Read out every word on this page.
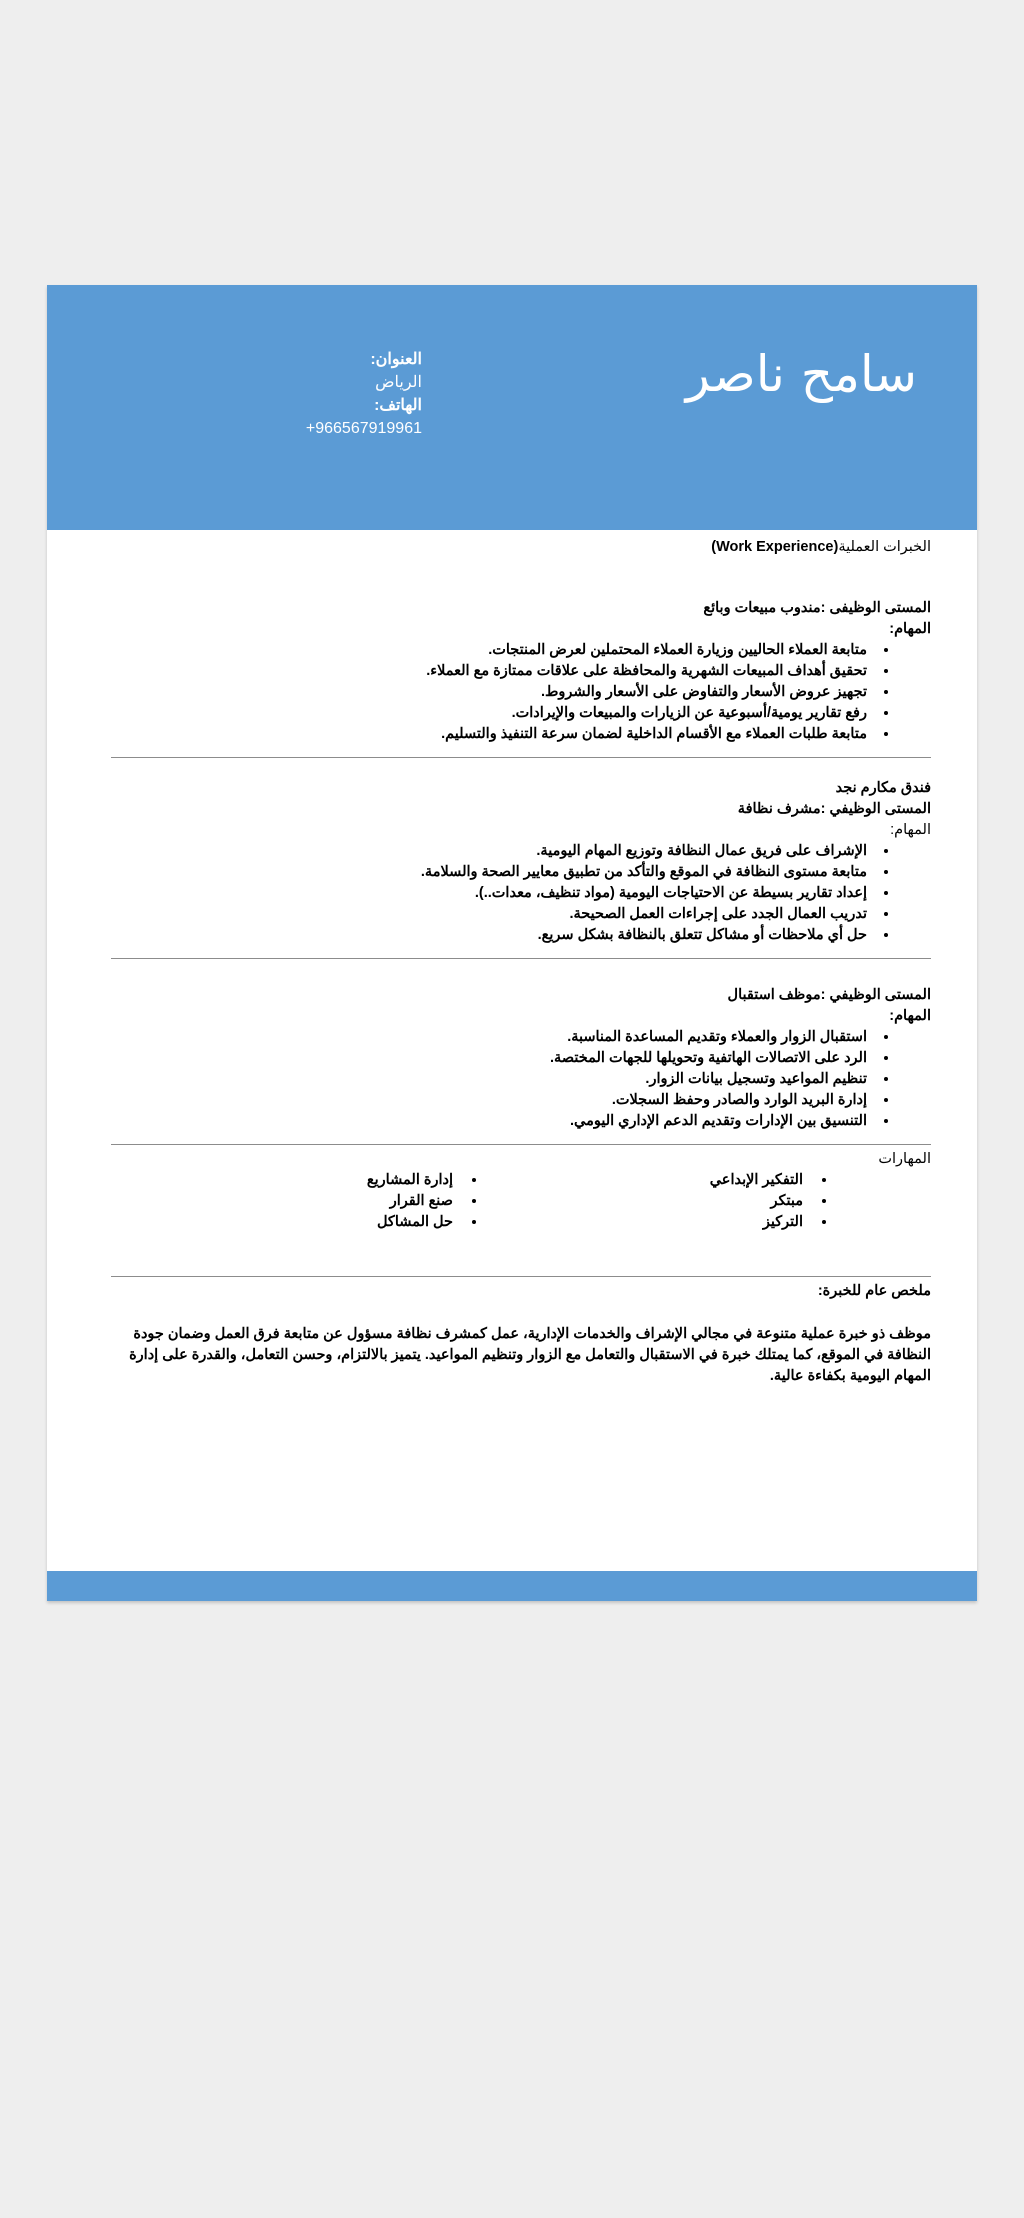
سامح ناصر
العنوان:
الرياض
الهاتف:
+966567919961
الخبرات العملية(Work Experience)
المستى الوظيفى :مندوب مبيعات وبائع
المهام:
• متابعة العملاء الحاليين وزيارة العملاء المحتملين لعرض المنتجات.
• تحقيق أهداف المبيعات الشهرية والمحافظة على علاقات ممتازة مع العملاء.
• تجهيز عروض الأسعار والتفاوض على الأسعار والشروط.
• رفع تقارير يومية/أسبوعية عن الزيارات والمبيعات والإيرادات.
• متابعة طلبات العملاء مع الأقسام الداخلية لضمان سرعة التنفيذ والتسليم.
فندق مكارم نجد
المستى الوظيفي :مشرف نظافة
المهام:
• الإشراف على فريق عمال النظافة وتوزيع المهام اليومية.
• متابعة مستوى النظافة في الموقع والتأكد من تطبيق معايير الصحة والسلامة.
• إعداد تقارير بسيطة عن الاحتياجات اليومية (مواد تنظيف، معدات..).
• تدريب العمال الجدد على إجراءات العمل الصحيحة.
• حل أي ملاحظات أو مشاكل تتعلق بالنظافة بشكل سريع.
المستى الوظيفي :موظف استقبال
المهام:
• استقبال الزوار والعملاء وتقديم المساعدة المناسبة.
• الرد على الاتصالات الهاتفية وتحويلها للجهات المختصة.
• تنظيم المواعيد وتسجيل بيانات الزوار.
• إدارة البريد الوارد والصادر وحفظ السجلات.
• التنسيق بين الإدارات وتقديم الدعم الإداري اليومي.
المهارات
• التفكير الإبداعي
• مبتكر
• التركيز
• إدارة المشاريع
• صنع القرار
• حل المشاكل
ملخص عام للخبرة:
موظف ذو خبرة عملية متنوعة في مجالي الإشراف والخدمات الإدارية، عمل كمشرف نظافة مسؤول عن متابعة فرق العمل وضمان جودة النظافة في الموقع، كما يمتلك خبرة في الاستقبال والتعامل مع الزوار وتنظيم المواعيد. يتميز بالالتزام، وحسن التعامل، والقدرة على إدارة المهام اليومية بكفاءة عالية.
